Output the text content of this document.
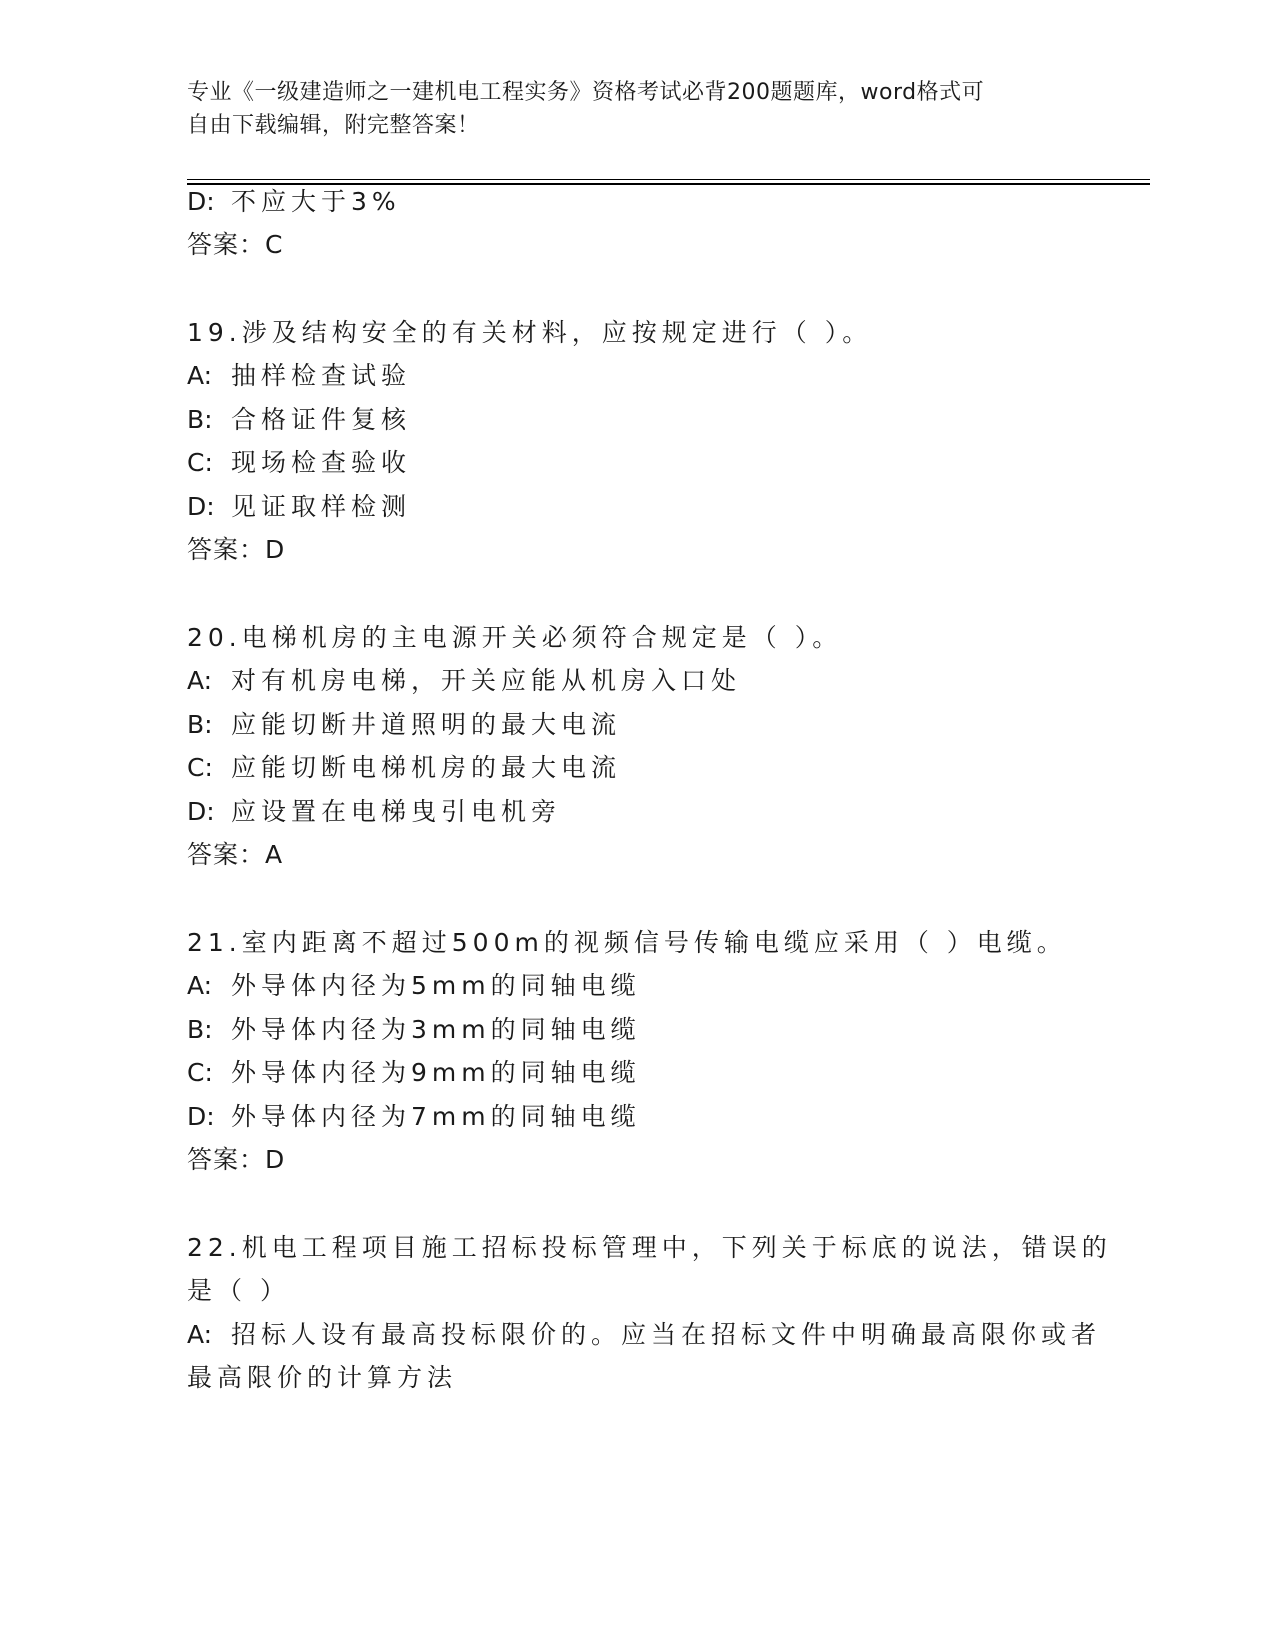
专业《一级建造师之一建机电工程实务》资格考试必背200题题库，word格式可
自由下载编辑，附完整答案！
D: 不应大于3%
答案：C
19.涉及结构安全的有关材料，应按规定进行（ ）。
A: 抽样检查试验
B: 合格证件复核
C: 现场检查验收
D: 见证取样检测
答案：D
20.电梯机房的主电源开关必须符合规定是（ ）。
A: 对有机房电梯，开关应能从机房入口处
B: 应能切断井道照明的最大电流
C: 应能切断电梯机房的最大电流
D: 应设置在电梯曳引电机旁
答案：A
21.室内距离不超过500m的视频信号传输电缆应采用（ ）电缆。
A: 外导体内径为5mm的同轴电缆
B: 外导体内径为3mm的同轴电缆
C: 外导体内径为9mm的同轴电缆
D: 外导体内径为7mm的同轴电缆
答案：D
22.机电工程项目施工招标投标管理中，下列关于标底的说法，错误的
是（ ）
A: 招标人设有最高投标限价的。应当在招标文件中明确最高限你或者
最高限价的计算方法
